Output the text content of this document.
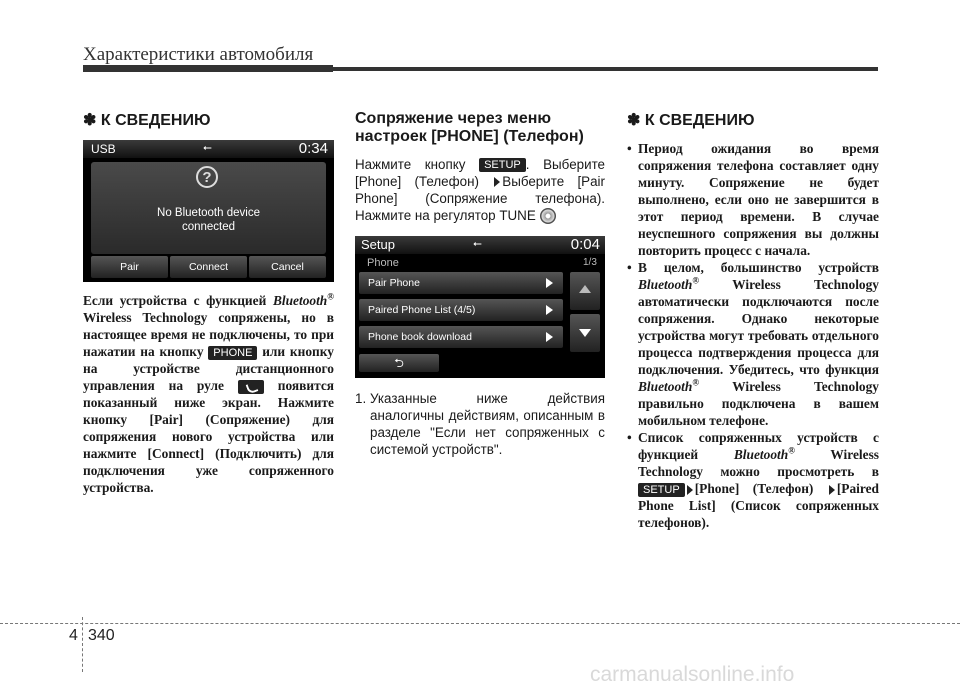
Характеристики автомобиля
✽ К СВЕДЕНИЮ
USB	⭠	0:34
?
No Bluetooth device
connected
Pair	Connect	Cancel
Если устройства с функцией Bluetooth® Wireless Technology сопряжены, но в настоящее время не подключены, то при нажатии на кнопку PHONE или кнопку на устройстве дистанционного управления на руле  появится показанный ниже экран. Нажмите кнопку [Pair] (Сопряжение) для сопряжения нового устройства или нажмите [Connect] (Подключить) для подключения уже сопряженного устройства.
Сопряжение через меню настроек [PHONE] (Телефон)
Нажмите кнопку SETUP . Выберите [Phone] (Телефон) Выберите [Pair Phone] (Сопряжение телефона). Нажмите на регулятор TUNE
Setup	⭠	0:04
Phone	1/3
Pair Phone
Paired Phone List (4/5)
Phone book download
⮌
1. Указанные ниже действия аналогичны действиям, описанным в разделе "Если нет сопряженных с системой устройств".
✽ К СВЕДЕНИЮ
• Период ожидания во время сопряжения телефона составляет одну минуту. Сопряжение не будет выполнено, если оно не завершится в этот период времени. В случае неуспешного сопряжения вы должны повторить процесс с начала.
• В целом, большинство устройств Bluetooth® Wireless Technology автоматически подключаются после сопряжения. Однако некоторые устройства могут требовать отдельного процесса подтверждения процесса для подключения. Убедитесь, что функция Bluetooth® Wireless Technology правильно подключена в вашем мобильном телефоне.
• Список сопряженных устройств с функцией Bluetooth® Wireless Technology можно просмотреть в SETUP [Phone] (Телефон) [Paired Phone List] (Список сопряженных телефонов).
4 340
carmanualsonline.info
